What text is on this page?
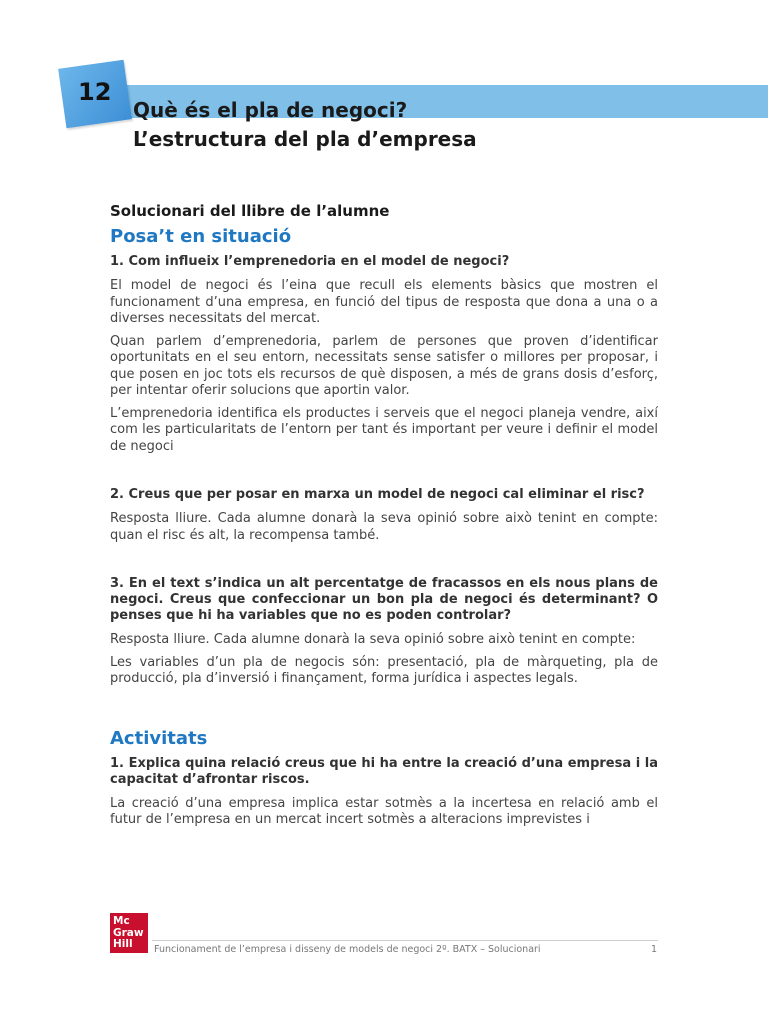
12
Què és el pla de negoci?
L’estructura del pla d’empresa
Solucionari del llibre de l’alumne
Posa’t en situació

1. Com influeix l’emprenedoria en el model de negoci?

El model de negoci és l’eina que recull els elements bàsics que mostren el funcionament d’una empresa, en funció del tipus de resposta que dona a una o a diverses necessitats del mercat.

Quan parlem d’emprenedoria, parlem de persones que proven d’identificar oportunitats en el seu entorn, necessitats sense satisfer o millores per proposar, i que posen en joc tots els recursos de què disposen, a més de grans dosis d’esforç, per intentar oferir solucions que aportin valor.

L’emprenedoria identifica els productes i serveis que el negoci planeja vendre, així com les particularitats de l’entorn per tant és important per veure i definir el model de negoci

2. Creus que per posar en marxa un model de negoci cal eliminar el risc?

Resposta lliure. Cada alumne donarà la seva opinió sobre això tenint en compte: quan el risc és alt, la recompensa també.

3. En el text s’indica un alt percentatge de fracassos en els nous plans de negoci. Creus que confeccionar un bon pla de negoci és determinant? O penses que hi ha variables que no es poden controlar?

Resposta lliure. Cada alumne donarà la seva opinió sobre això tenint en compte:

Les variables d’un pla de negocis són: presentació, pla de màrqueting, pla de producció, pla d’inversió i finançament, forma jurídica i aspectes legals.

Activitats

1. Explica quina relació creus que hi ha entre la creació d’una empresa i la capacitat d’afrontar riscos.

La creació d’una empresa implica estar sotmès a la incertesa en relació amb el futur de l’empresa en un mercat incert sotmès a alteracions imprevistes i

Mc
Graw
Hill	Funcionament de l’empresa i disseny de models de negoci 2º. BATX – Solucionari	1
